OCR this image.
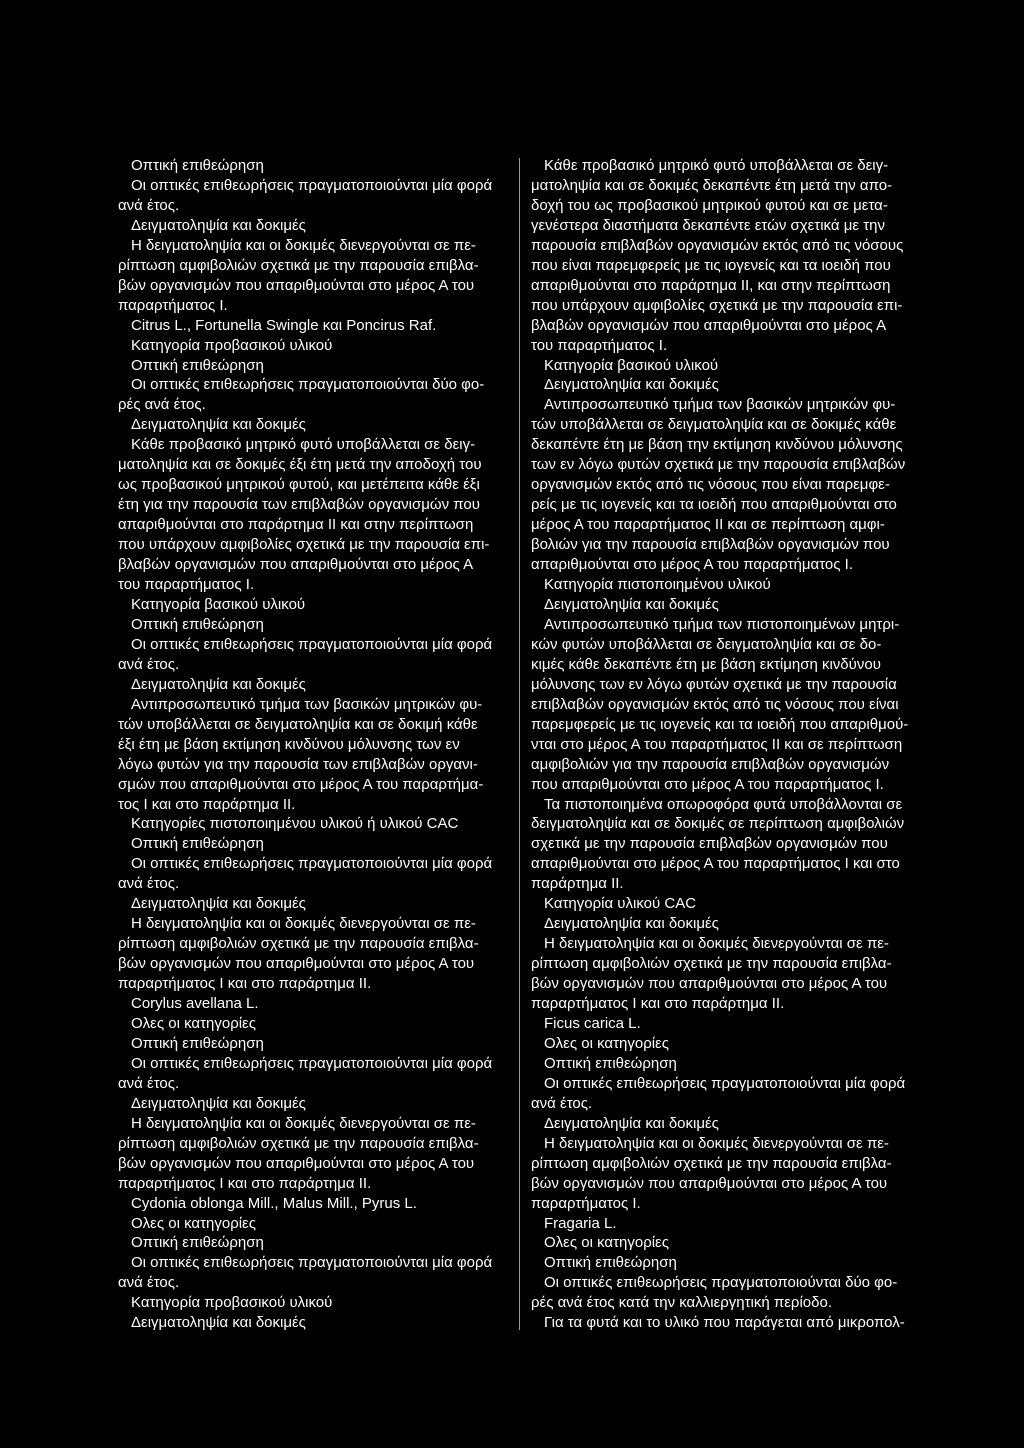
Οπτική επιθεώρηση
Οι οπτικές επιθεωρήσεις πραγματοποιούνται μία φορά
ανά έτος.
Δειγματοληψία και δοκιμές
Η δειγματοληψία και οι δοκιμές διενεργούνται σε πε-
ρίπτωση αμφιβολιών σχετικά με την παρουσία επιβλα-
βών οργανισμών που απαριθμούνται στο μέρος Α του
παραρτήματος Ι.
Citrus L., Fortunella Swingle και Poncirus Raf.
Κατηγορία προβασικού υλικού
Οπτική επιθεώρηση
Οι οπτικές επιθεωρήσεις πραγματοποιούνται δύο φο-
ρές ανά έτος.
Δειγματοληψία και δοκιμές
Κάθε προβασικό μητρικό φυτό υποβάλλεται σε δειγ-
ματοληψία και σε δοκιμές έξι έτη μετά την αποδοχή του
ως προβασικού μητρικού φυτού, και μετέπειτα κάθε έξι
έτη για την παρουσία των επιβλαβών οργανισμών που
απαριθμούνται στο παράρτημα ΙΙ και στην περίπτωση
που υπάρχουν αμφιβολίες σχετικά με την παρουσία επι-
βλαβών οργανισμών που απαριθμούνται στο μέρος Α
του παραρτήματος Ι.
Κατηγορία βασικού υλικού
Οπτική επιθεώρηση
Οι οπτικές επιθεωρήσεις πραγματοποιούνται μία φορά
ανά έτος.
Δειγματοληψία και δοκιμές
Αντιπροσωπευτικό τμήμα των βασικών μητρικών φυ-
τών υποβάλλεται σε δειγματοληψία και σε δοκιμή κάθε
έξι έτη με βάση εκτίμηση κινδύνου μόλυνσης των εν
λόγω φυτών για την παρουσία των επιβλαβών οργανι-
σμών που απαριθμούνται στο μέρος Α του παραρτήμα-
τος Ι και στο παράρτημα ΙΙ.
Κατηγορίες πιστοποιημένου υλικού ή υλικού CAC
Οπτική επιθεώρηση
Οι οπτικές επιθεωρήσεις πραγματοποιούνται μία φορά
ανά έτος.
Δειγματοληψία και δοκιμές
Η δειγματοληψία και οι δοκιμές διενεργούνται σε πε-
ρίπτωση αμφιβολιών σχετικά με την παρουσία επιβλα-
βών οργανισμών που απαριθμούνται στο μέρος Α του
παραρτήματος Ι και στο παράρτημα ΙΙ.
Corylus avellana L.
Ολες οι κατηγορίες
Οπτική επιθεώρηση
Οι οπτικές επιθεωρήσεις πραγματοποιούνται μία φορά
ανά έτος.
Δειγματοληψία και δοκιμές
Η δειγματοληψία και οι δοκιμές διενεργούνται σε πε-
ρίπτωση αμφιβολιών σχετικά με την παρουσία επιβλα-
βών οργανισμών που απαριθμούνται στο μέρος Α του
παραρτήματος Ι και στο παράρτημα ΙΙ.
Cydonia oblonga Mill., Malus Mill., Pyrus L.
Ολες οι κατηγορίες
Οπτική επιθεώρηση
Οι οπτικές επιθεωρήσεις πραγματοποιούνται μία φορά
ανά έτος.
Κατηγορία προβασικού υλικού
Δειγματοληψία και δοκιμές
Κάθε προβασικό μητρικό φυτό υποβάλλεται σε δειγ-
ματοληψία και σε δοκιμές δεκαπέντε έτη μετά την απο-
δοχή του ως προβασικού μητρικού φυτού και σε μετα-
γενέστερα διαστήματα δεκαπέντε ετών σχετικά με την
παρουσία επιβλαβών οργανισμών εκτός από τις νόσους
που είναι παρεμφερείς με τις ιογενείς και τα ιοειδή που
απαριθμούνται στο παράρτημα ΙΙ, και στην περίπτωση
που υπάρχουν αμφιβολίες σχετικά με την παρουσία επι-
βλαβών οργανισμών που απαριθμούνται στο μέρος Α
του παραρτήματος Ι.
Κατηγορία βασικού υλικού
Δειγματοληψία και δοκιμές
Αντιπροσωπευτικό τμήμα των βασικών μητρικών φυ-
τών υποβάλλεται σε δειγματοληψία και σε δοκιμές κάθε
δεκαπέντε έτη με βάση την εκτίμηση κινδύνου μόλυνσης
των εν λόγω φυτών σχετικά με την παρουσία επιβλαβών
οργανισμών εκτός από τις νόσους που είναι παρεμφε-
ρείς με τις ιογενείς και τα ιοειδή που απαριθμούνται στο
μέρος Α του παραρτήματος ΙΙ και σε περίπτωση αμφι-
βολιών για την παρουσία επιβλαβών οργανισμών που
απαριθμούνται στο μέρος Α του παραρτήματος Ι.
Κατηγορία πιστοποιημένου υλικού
Δειγματοληψία και δοκιμές
Αντιπροσωπευτικό τμήμα των πιστοποιημένων μητρι-
κών φυτών υποβάλλεται σε δειγματοληψία και σε δο-
κιμές κάθε δεκαπέντε έτη με βάση εκτίμηση κινδύνου
μόλυνσης των εν λόγω φυτών σχετικά με την παρουσία
επιβλαβών οργανισμών εκτός από τις νόσους που είναι
παρεμφερείς με τις ιογενείς και τα ιοειδή που απαριθμού-
νται στο μέρος Α του παραρτήματος ΙΙ και σε περίπτωση
αμφιβολιών για την παρουσία επιβλαβών οργανισμών
που απαριθμούνται στο μέρος Α του παραρτήματος Ι.
Τα πιστοποιημένα οπωροφόρα φυτά υποβάλλονται σε
δειγματοληψία και σε δοκιμές σε περίπτωση αμφιβολιών
σχετικά με την παρουσία επιβλαβών οργανισμών που
απαριθμούνται στο μέρος Α του παραρτήματος Ι και στο
παράρτημα ΙΙ.
Κατηγορία υλικού CAC
Δειγματοληψία και δοκιμές
Η δειγματοληψία και οι δοκιμές διενεργούνται σε πε-
ρίπτωση αμφιβολιών σχετικά με την παρουσία επιβλα-
βών οργανισμών που απαριθμούνται στο μέρος Α του
παραρτήματος Ι και στο παράρτημα ΙΙ.
Ficus carica L.
Ολες οι κατηγορίες
Οπτική επιθεώρηση
Οι οπτικές επιθεωρήσεις πραγματοποιούνται μία φορά
ανά έτος.
Δειγματοληψία και δοκιμές
Η δειγματοληψία και οι δοκιμές διενεργούνται σε πε-
ρίπτωση αμφιβολιών σχετικά με την παρουσία επιβλα-
βών οργανισμών που απαριθμούνται στο μέρος Α του
παραρτήματος Ι.
Fragaria L.
Ολες οι κατηγορίες
Οπτική επιθεώρηση
Οι οπτικές επιθεωρήσεις πραγματοποιούνται δύο φο-
ρές ανά έτος κατά την καλλιεργητική περίοδο.
Για τα φυτά και το υλικό που παράγεται από μικροπολ-
